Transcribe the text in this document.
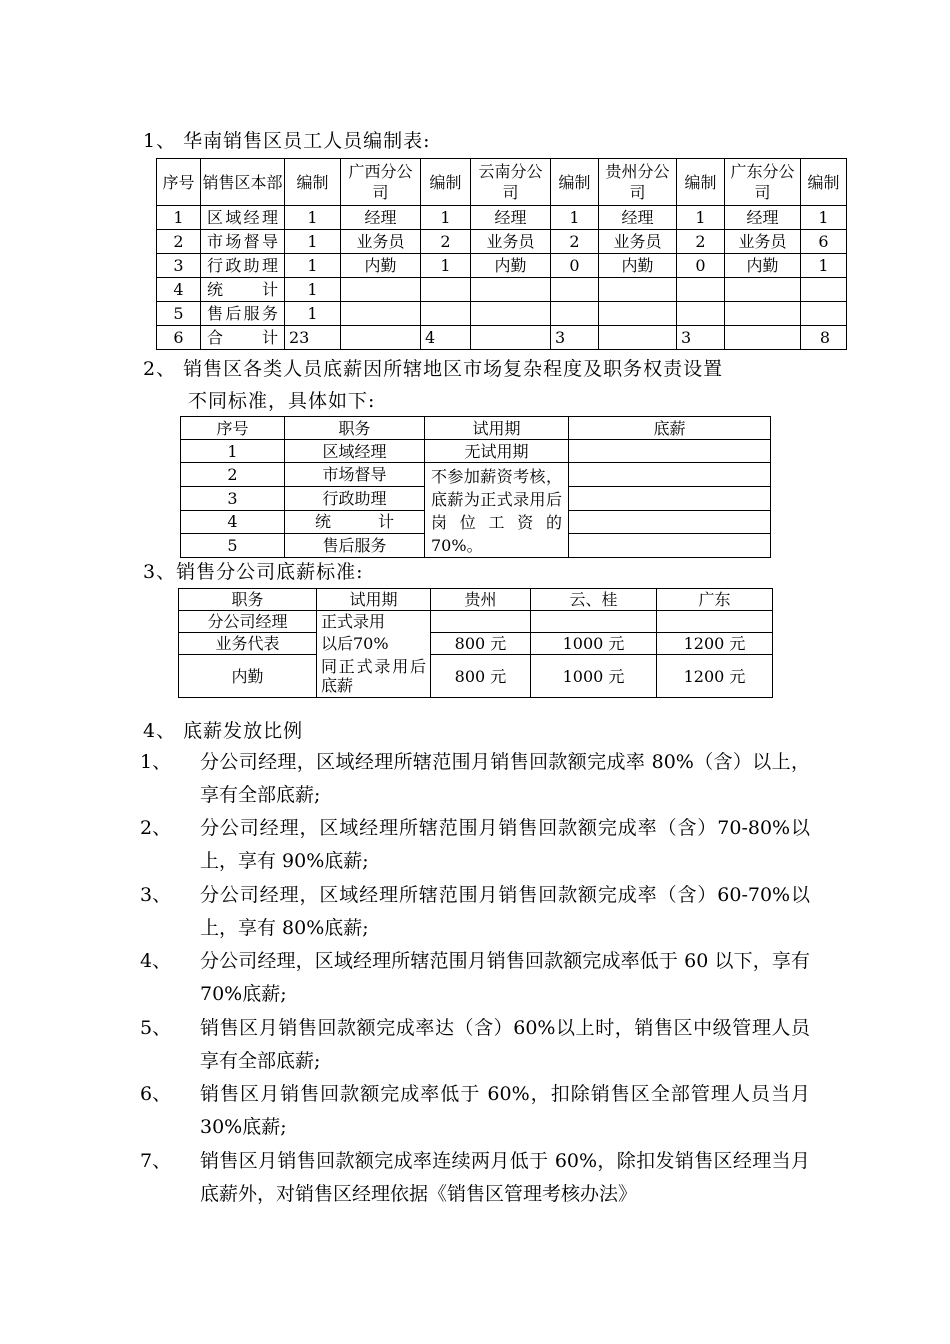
1、 华南销售区员工人员编制表:
序号	销售区本部	编制	广西分公司	编制	云南分公司	编制	贵州分公司	编制	广东分公司	编制
1	区域经理	1	经理	1	经理	1	经理	1	经理	1
2	市场督导	1	业务员	2	业务员	2	业务员	2	业务员	6
3	行政助理	1	内勤	1	内勤	0	内勤	0	内勤	1
4	统　　计	1								
5	售后服务	1								
6	合　　计	23		4		3		3		8
2、 销售区各类人员底薪因所辖地区市场复杂程度及职务权责设置
不同标准，具体如下:
序号	职务	试用期	底薪
1	区域经理	无试用期	
2	市场督导	不参加薪资考核，底薪为正式录用后岗位工资的70%。	
3	行政助理		
4	统　　计		
5	售后服务		
3、销售分公司底薪标准:
职务	试用期	贵州	云、桂	广东
分公司经理	正式录用			
业务代表	以后70%	800 元	1000 元	1200 元
内勤	同正式录用后底薪	800 元	1000 元	1200 元
4、 底薪发放比例
1、 分公司经理，区域经理所辖范围月销售回款额完成率 80%（含）以上，享有全部底薪;
2、 分公司经理，区域经理所辖范围月销售回款额完成率（含）70-80%以上，享有 90%底薪;
3、 分公司经理，区域经理所辖范围月销售回款额完成率（含）60-70%以上，享有 80%底薪;
4、 分公司经理，区域经理所辖范围月销售回款额完成率低于 60 以下，享有 70%底薪;
5、 销售区月销售回款额完成率达（含）60%以上时，销售区中级管理人员享有全部底薪;
6、 销售区月销售回款额完成率低于 60%，扣除销售区全部管理人员当月 30%底薪;
7、 销售区月销售回款额完成率连续两月低于 60%，除扣发销售区经理当月底薪外，对销售区经理依据《销售区管理考核办法》
